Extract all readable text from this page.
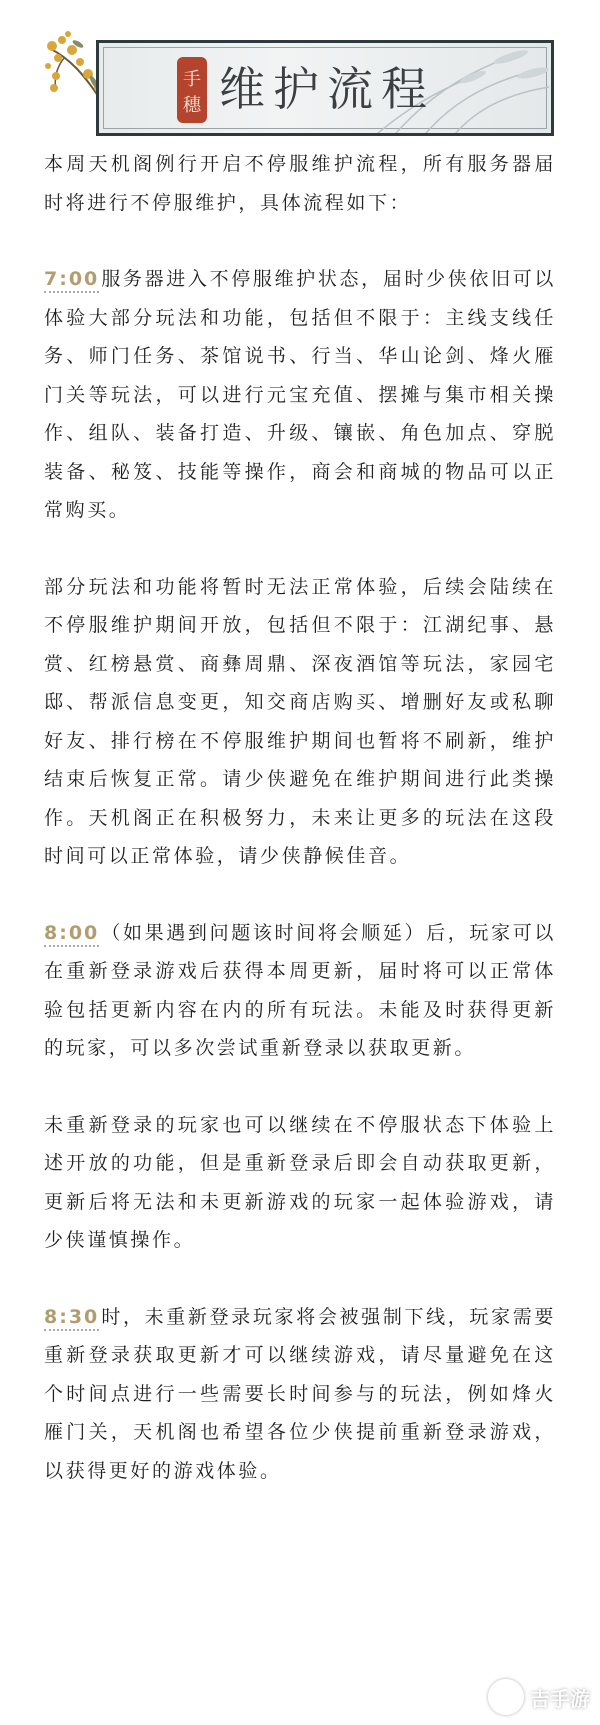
手
穗 维护流程

本周天机阁例行开启不停服维护流程，所有服务器届时将进行不停服维护，具体流程如下：

7:00 服务器进入不停服维护状态，届时少侠依旧可以体验大部分玩法和功能，包括但不限于：主线支线任务、师门任务、茶馆说书、行当、华山论剑、烽火雁门关等玩法，可以进行元宝充值、摆摊与集市相关操作、组队、装备打造、升级、镶嵌、角色加点、穿脱装备、秘笈、技能等操作，商会和商城的物品可以正常购买。

部分玩法和功能将暂时无法正常体验，后续会陆续在不停服维护期间开放，包括但不限于：江湖纪事、悬赏、红榜悬赏、商彝周鼎、深夜酒馆等玩法，家园宅邸、帮派信息变更，知交商店购买、增删好友或私聊好友、排行榜在不停服维护期间也暂将不刷新，维护结束后恢复正常。请少侠避免在维护期间进行此类操作。天机阁正在积极努力，未来让更多的玩法在这段时间可以正常体验，请少侠静候佳音。

8:00 （如果遇到问题该时间将会顺延）后，玩家可以在重新登录游戏后获得本周更新，届时将可以正常体验包括更新内容在内的所有玩法。未能及时获得更新的玩家，可以多次尝试重新登录以获取更新。

未重新登录的玩家也可以继续在不停服状态下体验上述开放的功能，但是重新登录后即会自动获取更新，更新后将无法和未更新游戏的玩家一起体验游戏，请少侠谨慎操作。

8:30 时，未重新登录玩家将会被强制下线，玩家需要重新登录获取更新才可以继续游戏，请尽量避免在这个时间点进行一些需要长时间参与的玩法，例如烽火雁门关，天机阁也希望各位少侠提前重新登录游戏，以获得更好的游戏体验。

吉手游
